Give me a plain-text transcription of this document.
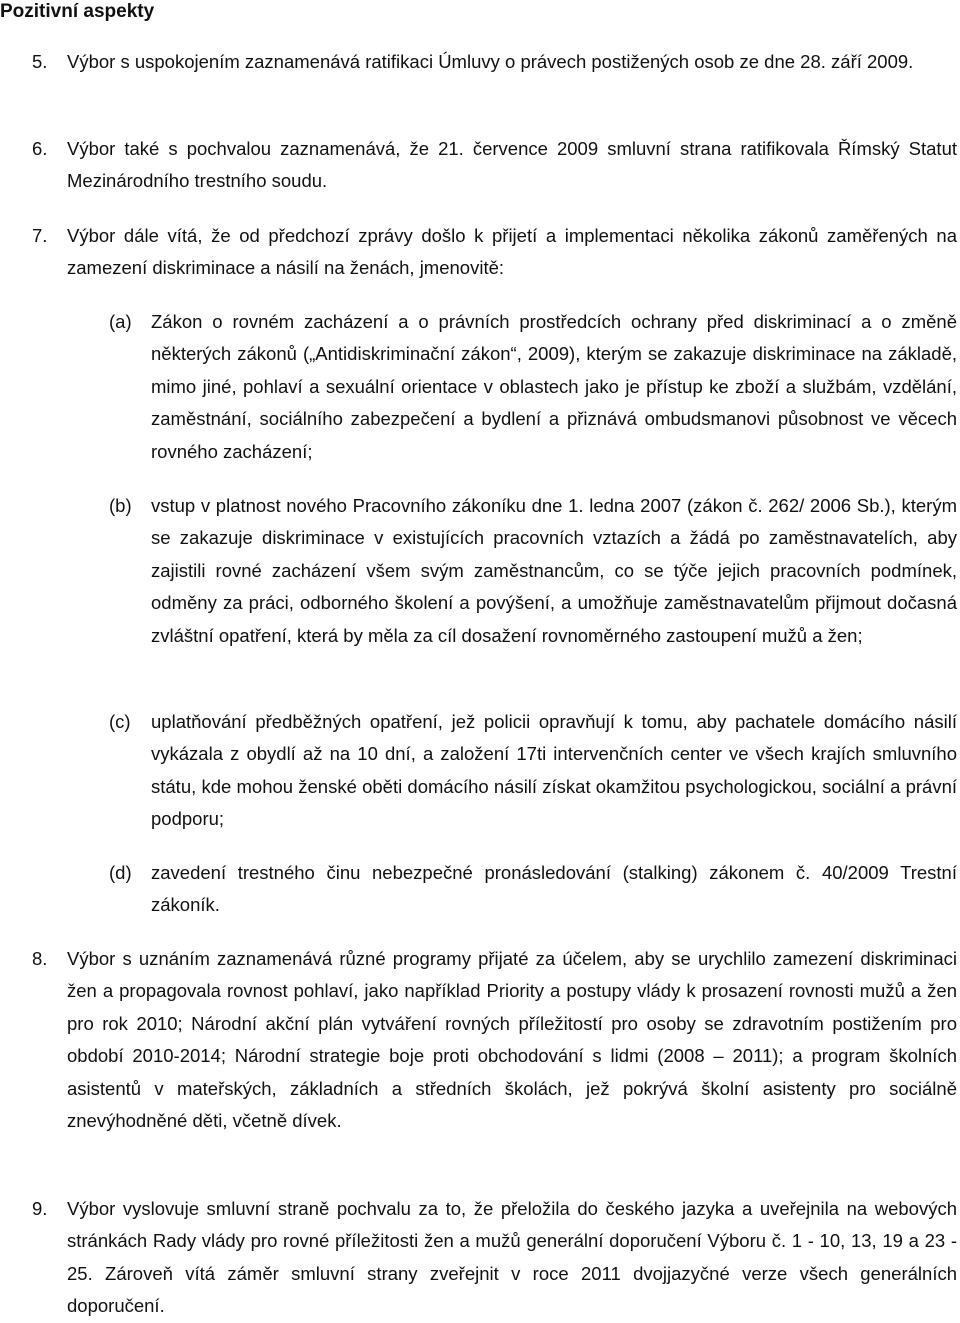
Pozitivní aspekty
5. Výbor s uspokojením zaznamenává ratifikaci Úmluvy o právech postižených osob ze dne 28. září 2009.
6. Výbor také s pochvalou zaznamenává, že 21. července 2009 smluvní strana ratifikovala Římský Statut Mezinárodního trestního soudu.
7. Výbor dále vítá, že od předchozí zprávy došlo k přijetí a implementaci několika zákonů zaměřených na zamezení diskriminace a násilí na ženách, jmenovitě:
(a) Zákon o rovném zacházení a o právních prostředcích ochrany před diskriminací a o změně některých zákonů („Antidiskriminační zákon“, 2009), kterým se zakazuje diskriminace na základě, mimo jiné, pohlaví a sexuální orientace v oblastech jako je přístup ke zboží a službám, vzdělání, zaměstnání, sociálního zabezpečení a bydlení a přiznává ombudsmanovi působnost ve věcech rovného zacházení;
(b) vstup v platnost nového Pracovního zákoníku dne 1. ledna 2007 (zákon č. 262/ 2006 Sb.), kterým se zakazuje diskriminace v existujících pracovních vztazích a žádá po zaměstnavatelích, aby zajistili rovné zacházení všem svým zaměstnancům, co se týče jejich pracovních podmínek, odměny za práci, odborného školení a povýšení, a umožňuje zaměstnavatelům přijmout dočasná zvláštní opatření, která by měla za cíl dosažení rovnoměrného zastoupení mužů a žen;
(c) uplatňování předběžných opatření, jež policii opravňují k tomu, aby pachatele domácího násilí vykázala z obydlí až na 10 dní, a založení 17ti intervenčních center ve všech krajích smluvního státu, kde mohou ženské oběti domácího násilí získat okamžitou psychologickou, sociální a právní podporu;
(d) zavedení trestného činu nebezpečné pronásledování (stalking) zákonem č. 40/2009 Trestní zákoník.
8. Výbor s uznáním zaznamenává různé programy přijaté za účelem, aby se urychlilo zamezení diskriminaci žen a propagovala rovnost pohlaví, jako například Priority a postupy vlády k prosazení rovnosti mužů a žen pro rok 2010; Národní akční plán vytváření rovných příležitostí pro osoby se zdravotním postižením pro období 2010-2014; Národní strategie boje proti obchodování s lidmi (2008 – 2011); a program školních asistentů v mateřských, základních a středních školách, jež pokrývá školní asistenty pro sociálně znevýhodněné děti, včetně dívek.
9. Výbor vyslovuje smluvní straně pochvalu za to, že přeložila do českého jazyka a uveřejnila na webových stránkách Rady vlády pro rovné příležitosti žen a mužů generální doporučení Výboru č. 1 - 10, 13, 19 a 23 - 25. Zároveň vítá záměr smluvní strany zveřejnit v roce 2011 dvojjazyčné verze všech generálních doporučení.
